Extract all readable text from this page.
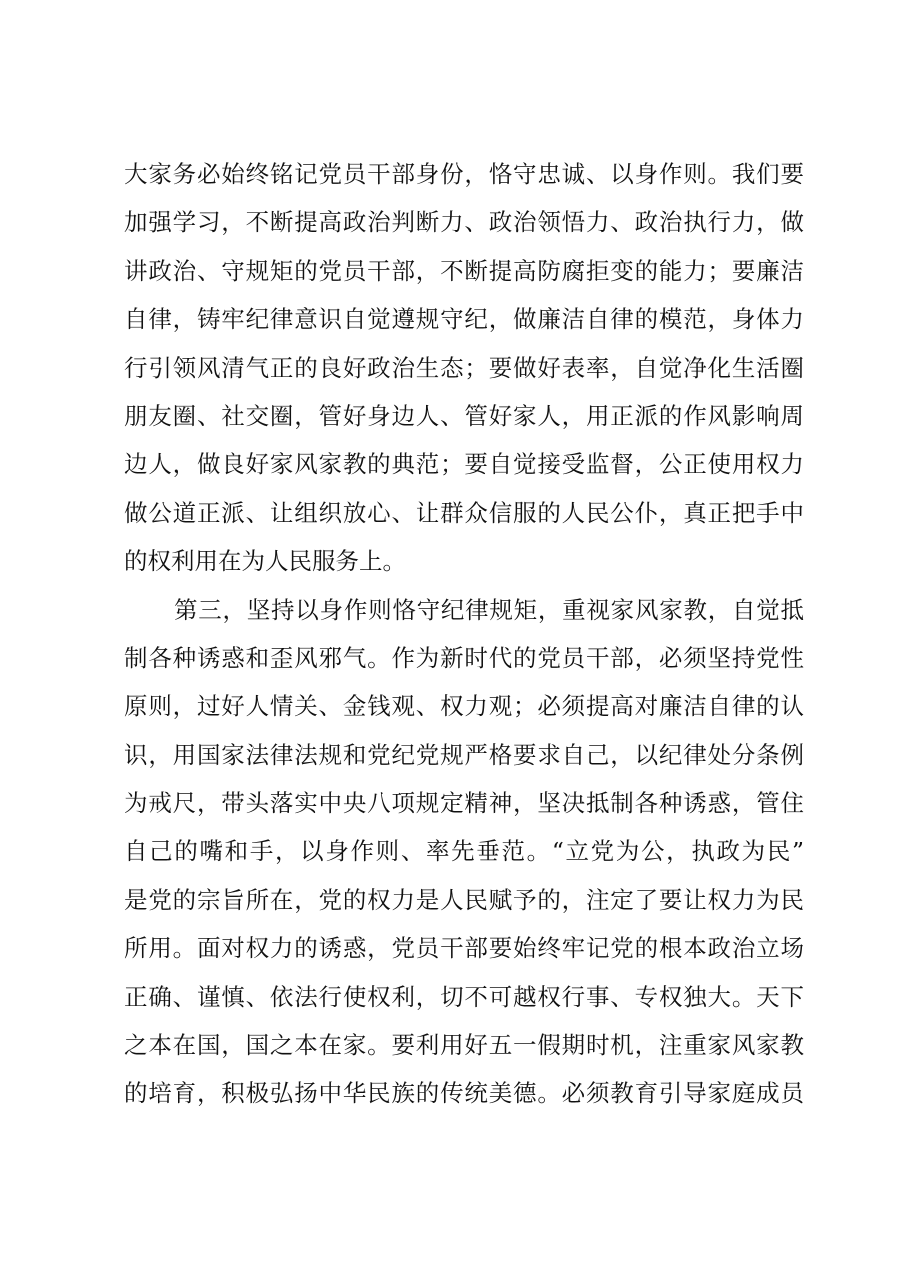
大家务必始终铭记党员干部身份，恪守忠诚、以身作则。我们要
加强学习，不断提高政治判断力、政治领悟力、政治执行力，做
讲政治、守规矩的党员干部，不断提高防腐拒变的能力；要廉洁
自律，铸牢纪律意识自觉遵规守纪，做廉洁自律的模范，身体力
行引领风清气正的良好政治生态；要做好表率，自觉净化生活圈
朋友圈、社交圈，管好身边人、管好家人，用正派的作风影响周
边人，做良好家风家教的典范；要自觉接受监督，公正使用权力
做公道正派、让组织放心、让群众信服的人民公仆，真正把手中
的权利用在为人民服务上。
第三，坚持以身作则恪守纪律规矩，重视家风家教，自觉抵
制各种诱惑和歪风邪气。作为新时代的党员干部，必须坚持党性
原则，过好人情关、金钱观、权力观；必须提高对廉洁自律的认
识，用国家法律法规和党纪党规严格要求自己，以纪律处分条例
为戒尺，带头落实中央八项规定精神，坚决抵制各种诱惑，管住
自己的嘴和手，以身作则、率先垂范。“立党为公，执政为民”
是党的宗旨所在，党的权力是人民赋予的，注定了要让权力为民
所用。面对权力的诱惑，党员干部要始终牢记党的根本政治立场
正确、谨慎、依法行使权利，切不可越权行事、专权独大。天下
之本在国，国之本在家。要利用好五一假期时机，注重家风家教
的培育，积极弘扬中华民族的传统美德。必须教育引导家庭成员
